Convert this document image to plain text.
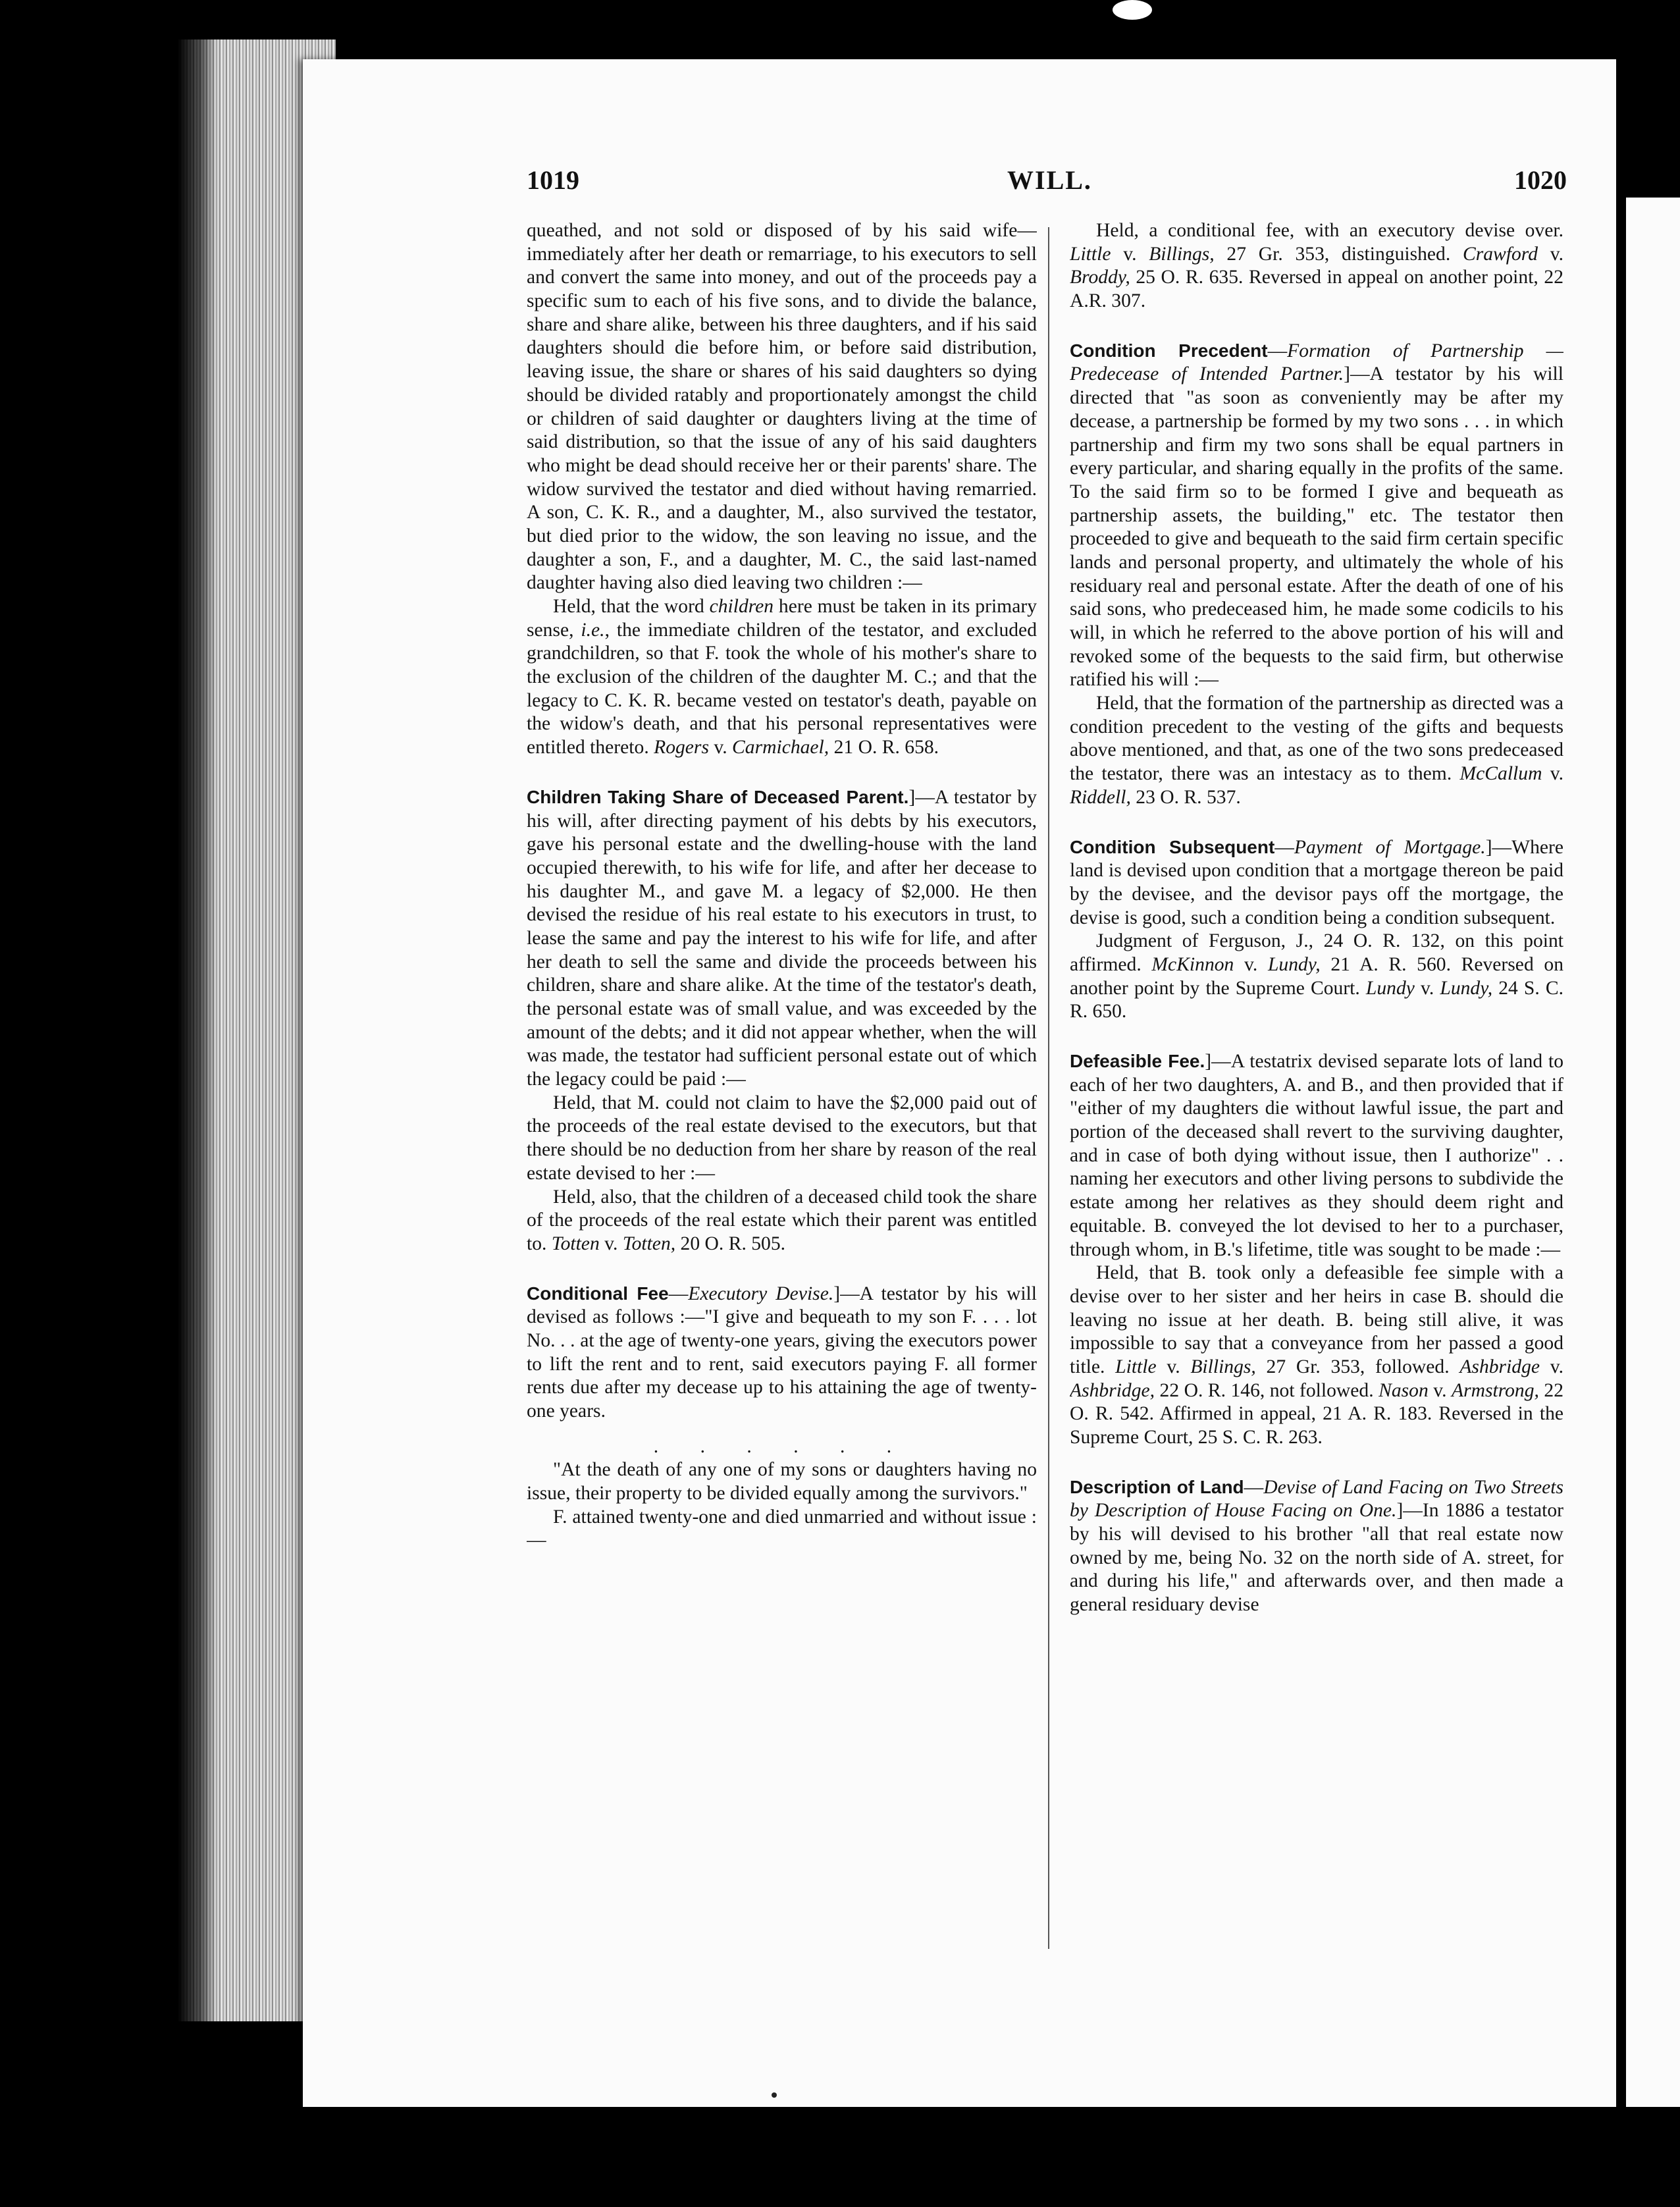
1019	WILL.	1020

queathed, and not sold or disposed of by his said wife—immediately after her death or remarriage, to his executors to sell and convert the same into money, and out of the proceeds pay a specific sum to each of his five sons, and to divide the balance, share and share alike, between his three daughters, and if his said daughters should die before him, or before said distribution, leaving issue, the share or shares of his said daughters so dying should be divided ratably and proportionately amongst the child or children of said daughter or daughters living at the time of said distribution, so that the issue of any of his said daughters who might be dead should receive her or their parents' share. The widow survived the testator and died without having remarried. A son, C. K. R., and a daughter, M., also survived the testator, but died prior to the widow, the son leaving no issue, and the daughter a son, F., and a daughter, M. C., the said last-named daughter having also died leaving two children :—

Held, that the word children here must be taken in its primary sense, i.e., the immediate children of the testator, and excluded grandchildren, so that F. took the whole of his mother's share to the exclusion of the children of the daughter M. C.; and that the legacy to C. K. R. became vested on testator's death, payable on the widow's death, and that his personal representatives were entitled thereto. Rogers v. Carmichael, 21 O. R. 658.

Children Taking Share of Deceased Parent.]—A testator by his will, after directing payment of his debts by his executors, gave his personal estate and the dwelling-house with the land occupied therewith, to his wife for life, and after her decease to his daughter M., and gave M. a legacy of $2,000. He then devised the residue of his real estate to his executors in trust, to lease the same and pay the interest to his wife for life, and after her death to sell the same and divide the proceeds between his children, share and share alike. At the time of the testator's death, the personal estate was of small value, and was exceeded by the amount of the debts; and it did not appear whether, when the will was made, the testator had sufficient personal estate out of which the legacy could be paid :—

Held, that M. could not claim to have the $2,000 paid out of the proceeds of the real estate devised to the executors, but that there should be no deduction from her share by reason of the real estate devised to her :—

Held, also, that the children of a deceased child took the share of the proceeds of the real estate which their parent was entitled to. Totten v. Totten, 20 O. R. 505.

Conditional Fee—Executory Devise.]—A testator by his will devised as follows :—"I give and bequeath to my son F. . . . lot No. . . at the age of twenty-one years, giving the executors power to lift the rent and to rent, said executors paying F. all former rents due after my decease up to his attaining the age of twenty-one years.

. . . . . .

"At the death of any one of my sons or daughters having no issue, their property to be divided equally among the survivors."

F. attained twenty-one and died unmarried and without issue :—

Held, a conditional fee, with an executory devise over. Little v. Billings, 27 Gr. 353, distinguished. Crawford v. Broddy, 25 O. R. 635. Reversed in appeal on another point, 22 A.R. 307.

Condition Precedent—Formation of Partnership — Predecease of Intended Partner.]—A testator by his will directed that "as soon as conveniently may be after my decease, a partnership be formed by my two sons . . . in which partnership and firm my two sons shall be equal partners in every particular, and sharing equally in the profits of the same. To the said firm so to be formed I give and bequeath as partnership assets, the building," etc. The testator then proceeded to give and bequeath to the said firm certain specific lands and personal property, and ultimately the whole of his residuary real and personal estate. After the death of one of his said sons, who predeceased him, he made some codicils to his will, in which he referred to the above portion of his will and revoked some of the bequests to the said firm, but otherwise ratified his will :—

Held, that the formation of the partnership as directed was a condition precedent to the vesting of the gifts and bequests above mentioned, and that, as one of the two sons predeceased the testator, there was an intestacy as to them. McCallum v. Riddell, 23 O. R. 537.

Condition Subsequent—Payment of Mortgage.]—Where land is devised upon condition that a mortgage thereon be paid by the devisee, and the devisor pays off the mortgage, the devise is good, such a condition being a condition subsequent.

Judgment of Ferguson, J., 24 O. R. 132, on this point affirmed. McKinnon v. Lundy, 21 A. R. 560. Reversed on another point by the Supreme Court. Lundy v. Lundy, 24 S. C. R. 650.

Defeasible Fee.]—A testatrix devised separate lots of land to each of her two daughters, A. and B., and then provided that if "either of my daughters die without lawful issue, the part and portion of the deceased shall revert to the surviving daughter, and in case of both dying without issue, then I authorize" . . naming her executors and other living persons to subdivide the estate among her relatives as they should deem right and equitable. B. conveyed the lot devised to her to a purchaser, through whom, in B.'s lifetime, title was sought to be made :—

Held, that B. took only a defeasible fee simple with a devise over to her sister and her heirs in case B. should die leaving no issue at her death. B. being still alive, it was impossible to say that a conveyance from her passed a good title. Little v. Billings, 27 Gr. 353, followed. Ashbridge v. Ashbridge, 22 O. R. 146, not followed. Nason v. Armstrong, 22 O. R. 542. Affirmed in appeal, 21 A. R. 183. Reversed in the Supreme Court, 25 S. C. R. 263.

Description of Land—Devise of Land Facing on Two Streets by Description of House Facing on One.]—In 1886 a testator by his will devised to his brother "all that real estate now owned by me, being No. 32 on the north side of A. street, for and during his life," and afterwards over, and then made a general residuary devise
